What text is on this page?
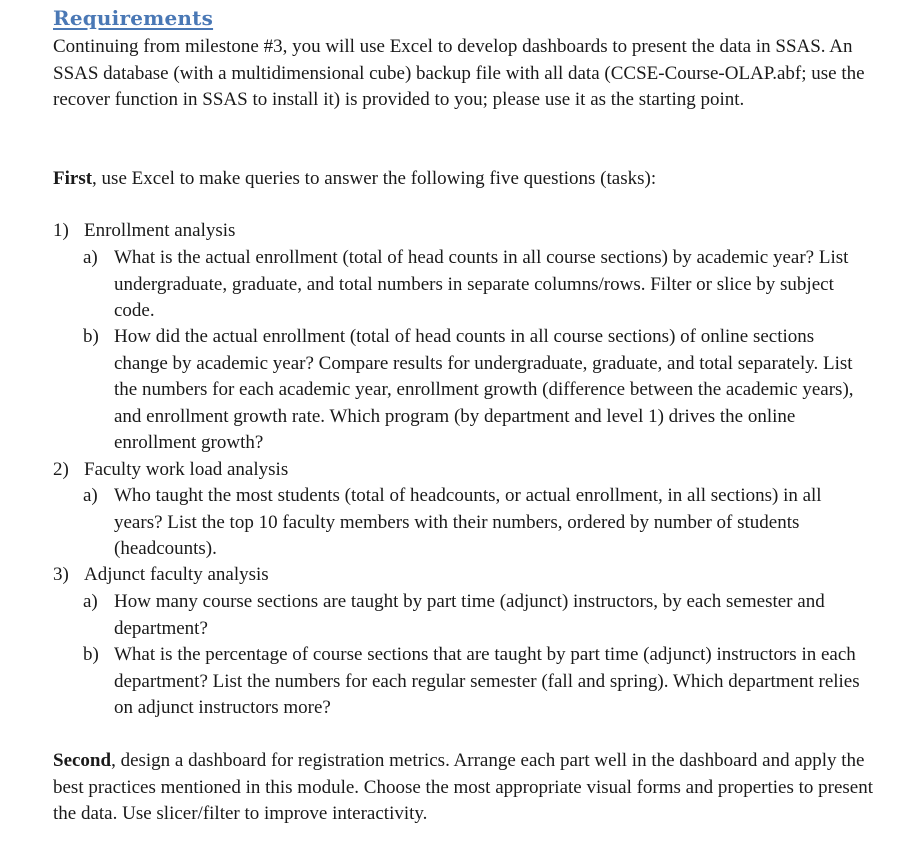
Requirements
Continuing from milestone #3, you will use Excel to develop dashboards to present the data in SSAS. An SSAS database (with a multidimensional cube) backup file with all data (CCSE-Course-OLAP.abf; use the recover function in SSAS to install it) is provided to you; please use it as the starting point.
First, use Excel to make queries to answer the following five questions (tasks):
1) Enrollment analysis
a) What is the actual enrollment (total of head counts in all course sections) by academic year? List undergraduate, graduate, and total numbers in separate columns/rows. Filter or slice by subject code.
b) How did the actual enrollment (total of head counts in all course sections) of online sections change by academic year? Compare results for undergraduate, graduate, and total separately. List the numbers for each academic year, enrollment growth (difference between the academic years), and enrollment growth rate. Which program (by department and level 1) drives the online enrollment growth?
2) Faculty work load analysis
a) Who taught the most students (total of headcounts, or actual enrollment, in all sections) in all years? List the top 10 faculty members with their numbers, ordered by number of students (headcounts).
3) Adjunct faculty analysis
a) How many course sections are taught by part time (adjunct) instructors, by each semester and department?
b) What is the percentage of course sections that are taught by part time (adjunct) instructors in each department? List the numbers for each regular semester (fall and spring). Which department relies on adjunct instructors more?
Second, design a dashboard for registration metrics. Arrange each part well in the dashboard and apply the best practices mentioned in this module. Choose the most appropriate visual forms and properties to present the data. Use slicer/filter to improve interactivity.
